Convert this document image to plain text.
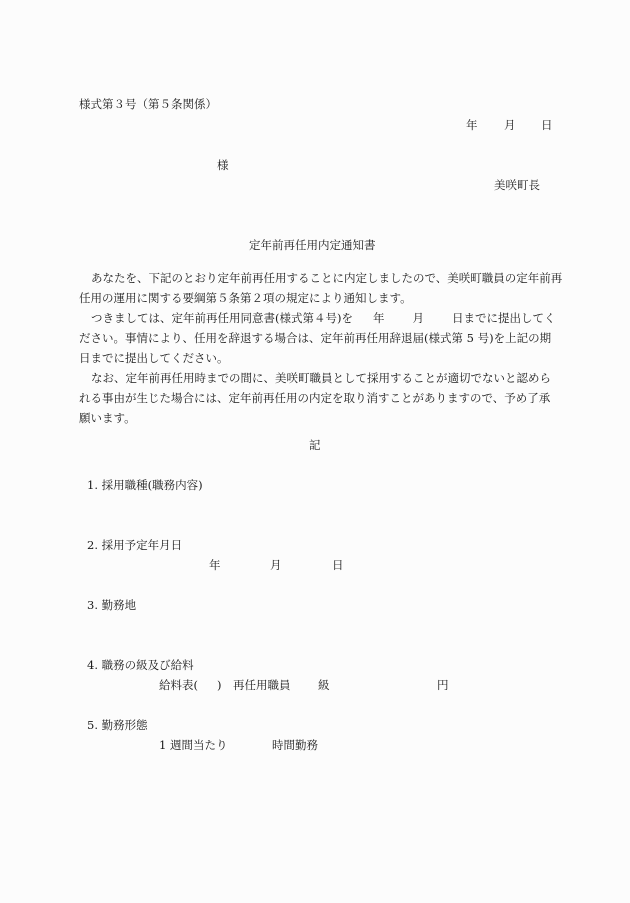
様式第３号（第５条関係）
年 月 日
様
美咲町長
定年前再任用内定通知書
あなたを、下記のとおり定年前再任用することに内定しましたので、美咲町職員の定年前再
任用の運用に関する要綱第５条第２項の規定により通知します。
つきましては、定年前再任用同意書(様式第４号)を 年 月 日までに提出してく
ださい。事情により、任用を辞退する場合は、定年前再任用辞退届(様式第 5 号)を上記の期
日までに提出してください。
なお、定年前再任用時までの間に、美咲町職員として採用することが適切でないと認めら
れる事由が生じた場合には、定年前再任用の内定を取り消すことがありますので、予め了承
願います。
記
1. 採用職種(職務内容)
2. 採用予定年月日
年	月	日
3. 勤務地
4. 職務の級及び給料
給料表( ) 再任用職員 級	円
5. 勤務形態
1 週間当たり	時間勤務
